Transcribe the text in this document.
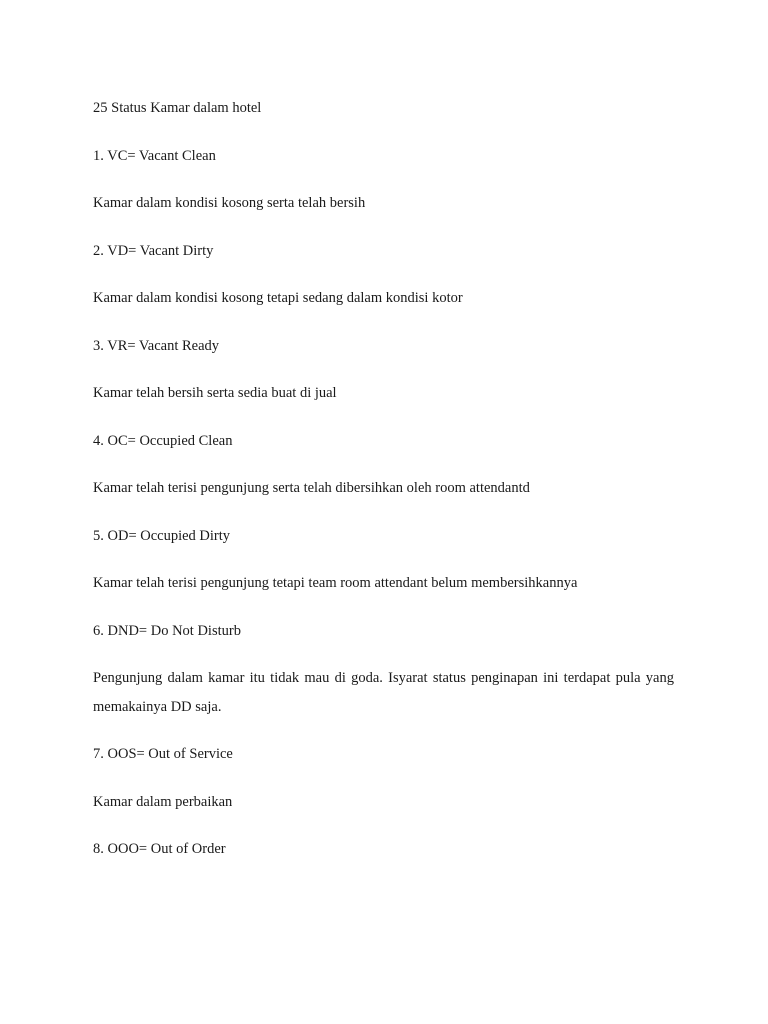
25 Status Kamar dalam hotel

1. VC= Vacant Clean

Kamar dalam kondisi kosong serta telah bersih

2. VD= Vacant Dirty

Kamar dalam kondisi kosong tetapi sedang dalam kondisi kotor

3. VR= Vacant Ready

Kamar telah bersih serta sedia buat di jual

4. OC= Occupied Clean

Kamar telah terisi pengunjung serta telah dibersihkan oleh room attendantd

5. OD= Occupied Dirty

Kamar telah terisi pengunjung tetapi team room attendant belum membersihkannya

6. DND= Do Not Disturb

Pengunjung dalam kamar itu tidak mau di goda. Isyarat status penginapan ini terdapat pula yang memakainya DD saja.

7. OOS= Out of Service

Kamar dalam perbaikan

8. OOO= Out of Order
